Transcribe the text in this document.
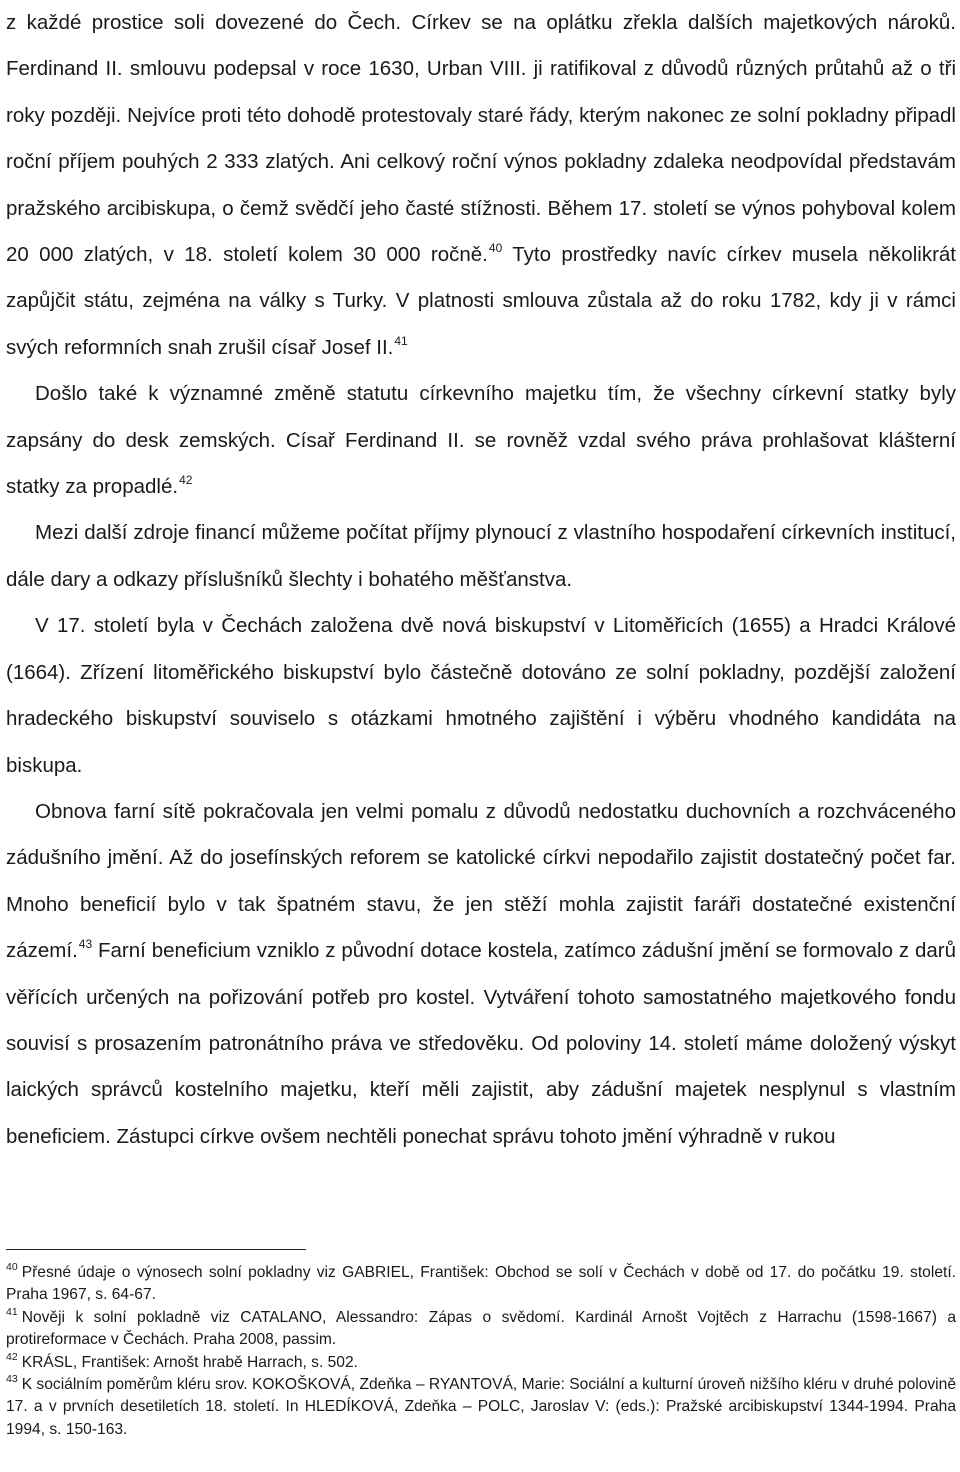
z každé prostice soli dovezené do Čech. Církev se na oplátku zřekla dalších majetkových nároků. Ferdinand II. smlouvu podepsal v roce 1630, Urban VIII. ji ratifikoval z důvodů různých průtahů až o tři roky později. Nejvíce proti této dohodě protestovaly staré řády, kterým nakonec ze solní pokladny připadl roční příjem pouhých 2 333 zlatých. Ani celkový roční výnos pokladny zdaleka neodpovídal představám pražského arcibiskupa, o čemž svědčí jeho časté stížnosti. Během 17. století se výnos pohyboval kolem 20 000 zlatých, v 18. století kolem 30 000 ročně.$^{40}$ Tyto prostředky navíc církev musela několikrát zapůjčit státu, zejména na války s Turky. V platnosti smlouva zůstala až do roku 1782, kdy ji v rámci svých reformních snah zrušil císař Josef II.$^{41}$

Došlo také k významné změně statutu církevního majetku tím, že všechny církevní statky byly zapsány do desk zemských. Císař Ferdinand II. se rovněž vzdal svého práva prohlašovat klášterní statky za propadlé.$^{42}$

Mezi další zdroje financí můžeme počítat příjmy plynoucí z vlastního hospodaření církevních institucí, dále dary a odkazy příslušníků šlechty i bohatého měšťanstva.

V 17. století byla v Čechách založena dvě nová biskupství v Litoměřicích (1655) a Hradci Králové (1664). Zřízení litoměřického biskupství bylo částečně dotováno ze solní pokladny, pozdější založení hradeckého biskupství souviselo s otázkami hmotného zajištění i výběru vhodného kandidáta na biskupa.

Obnova farní sítě pokračovala jen velmi pomalu z důvodů nedostatku duchovních a rozchváceného zádušního jmění. Až do josefínských reforem se katolické církvi nepodařilo zajistit dostatečný počet far. Mnoho beneficií bylo v tak špatném stavu, že jen stěží mohla zajistit faráři dostatečné existenční zázemí.$^{43}$ Farní beneficium vzniklo z původní dotace kostela, zatímco zádušní jmění se formovalo z darů věřících určených na pořizování potřeb pro kostel. Vytváření tohoto samostatného majetkového fondu souvisí s prosazením patronátního práva ve středověku. Od poloviny 14. století máme doložený výskyt laických správců kostelního majetku, kteří měli zajistit, aby zádušní majetek nesplynul s vlastním beneficiem. Zástupci církve ovšem nechtěli ponechat správu tohoto jmění výhradně v rukou

$^{40}$ Přesné údaje o výnosech solní pokladny viz GABRIEL, František: Obchod se solí v Čechách v době od 17. do počátku 19. století. Praha 1967, s. 64-67.

$^{41}$ Nověji k solní pokladně viz CATALANO, Alessandro: Zápas o svědomí. Kardinál Arnošt Vojtěch z Harrachu (1598-1667) a protireformace v Čechách. Praha 2008, passim.

$^{42}$ KRÁSL, František: Arnošt hrabě Harrach, s. 502.

$^{43}$ K sociálním poměrům kléru srov. KOKOŠKOVÁ, Zdeňka – RYANTOVÁ, Marie: Sociální a kulturní úroveň nižšího kléru v druhé polovině 17. a v prvních desetiletích 18. století. In HLEDÍKOVÁ, Zdeňka – POLC, Jaroslav V: (eds.): Pražské arcibiskupství 1344-1994. Praha 1994, s. 150-163.
